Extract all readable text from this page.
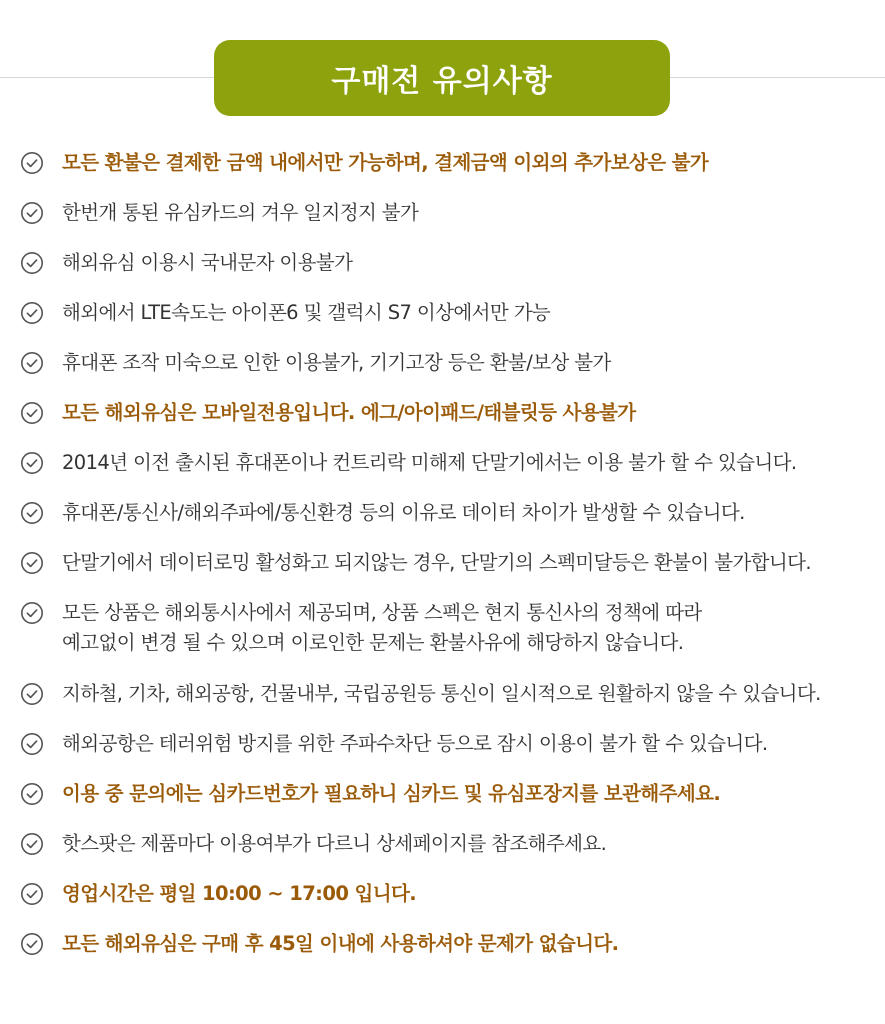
구매전 유의사항
모든 환불은 결제한 금액 내에서만 가능하며, 결제금액 이외의 추가보상은 불가
한번개 통된 유심카드의 겨우 일지정지 불가
해외유심 이용시 국내문자 이용불가
해외에서 LTE속도는 아이폰6 및 갤럭시 S7 이상에서만 가능
휴대폰 조작 미숙으로 인한 이용불가, 기기고장 등은 환불/보상 불가
모든 해외유심은 모바일전용입니다. 에그/아이패드/태블릿등 사용불가
2014년 이전 출시된 휴대폰이나 컨트리락 미해제 단말기에서는 이용 불가 할 수 있습니다.
휴대폰/통신사/해외주파에/통신환경 등의 이유로 데이터 차이가 발생할 수 있습니다.
단말기에서 데이터로밍 활성화고 되지않는 경우, 단말기의 스펙미달등은 환불이 불가합니다.
모든 상품은 해외통시사에서 제공되며, 상품 스펙은 현지 통신사의 정책에 따라
예고없이 변경 될 수 있으며 이로인한 문제는 환불사유에 해당하지 않습니다.
지하철, 기차, 해외공항, 건물내부, 국립공원등 통신이 일시적으로 원활하지 않을 수 있습니다.
해외공항은 테러위험 방지를 위한 주파수차단 등으로 잠시 이용이 불가 할 수 있습니다.
이용 중 문의에는 심카드번호가 필요하니 심카드 및 유심포장지를 보관해주세요.
핫스팟은 제품마다 이용여부가 다르니 상세페이지를 참조해주세요.
영업시간은 평일 10:00 ~ 17:00 입니다.
모든 해외유심은 구매 후 45일 이내에 사용하셔야 문제가 없습니다.
